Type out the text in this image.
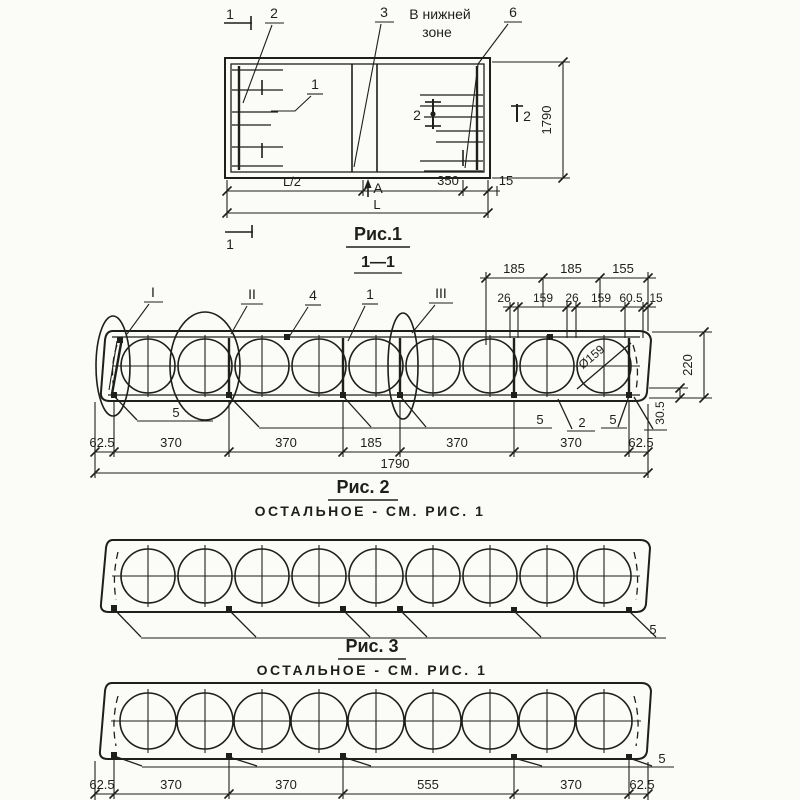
1	2	3 В нижней
зоне
6
1
2	2
L/2	350	15
A
L
1
1790
Рис.1
1—1
I	II	4	1	III
Ø159
5	5	2 5
185	185 155
26 159 26 159 60.5 15
220
30.5
62.5	370	370	185	370	370	62.5
1790
Рис. 2
ОСТАЛЬНОЕ - СМ. РИС. 1
5
Рис. 3
ОСТАЛЬНОЕ - СМ. РИС. 1
5
62.5	370	370	555	370	62.5
